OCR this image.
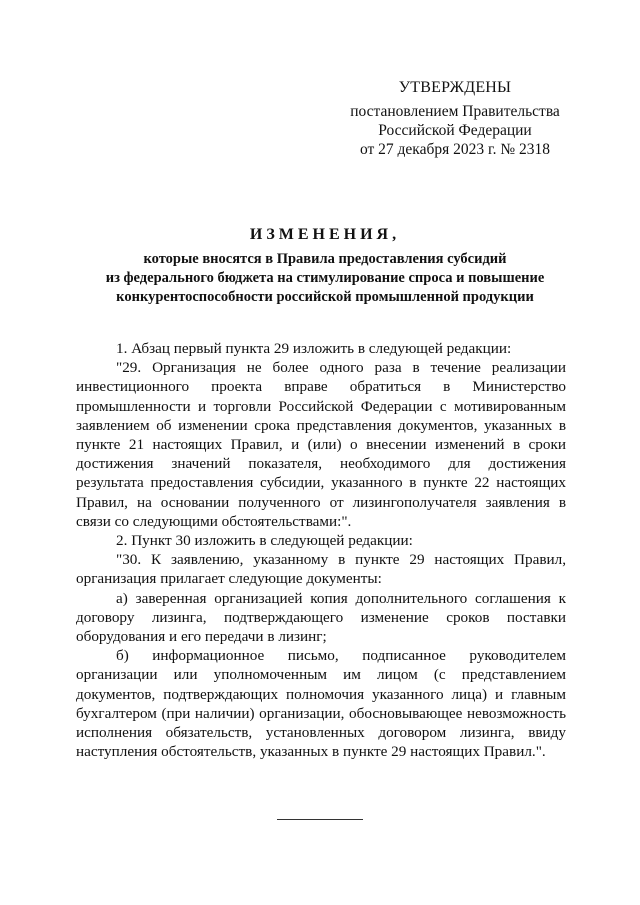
УТВЕРЖДЕНЫ
постановлением Правительства
Российской Федерации
от 27 декабря 2023 г. № 2318
ИЗМЕНЕНИЯ,
которые вносятся в Правила предоставления субсидий
из федерального бюджета на стимулирование спроса и повышение
конкурентоспособности российской промышленной продукции

1. Абзац первый пункта 29 изложить в следующей редакции:

"29. Организация не более одного раза в течение реализации инвестиционного проекта вправе обратиться в Министерство промышленности и торговли Российской Федерации с мотивированным заявлением об изменении срока представления документов, указанных в пункте 21 настоящих Правил, и (или) о внесении изменений в сроки достижения значений показателя, необходимого для достижения результата предоставления субсидии, указанного в пункте 22 настоящих Правил, на основании полученного от лизингополучателя заявления в связи со следующими обстоятельствами:".

2. Пункт 30 изложить в следующей редакции:

"30. К заявлению, указанному в пункте 29 настоящих Правил, организация прилагает следующие документы:

а) заверенная организацией копия дополнительного соглашения к договору лизинга, подтверждающего изменение сроков поставки оборудования и его передачи в лизинг;

б) информационное письмо, подписанное руководителем организации или уполномоченным им лицом (с представлением документов, подтверждающих полномочия указанного лица) и главным бухгалтером (при наличии) организации, обосновывающее невозможность исполнения обязательств, установленных договором лизинга, ввиду наступления обстоятельств, указанных в пункте 29 настоящих Правил.".
